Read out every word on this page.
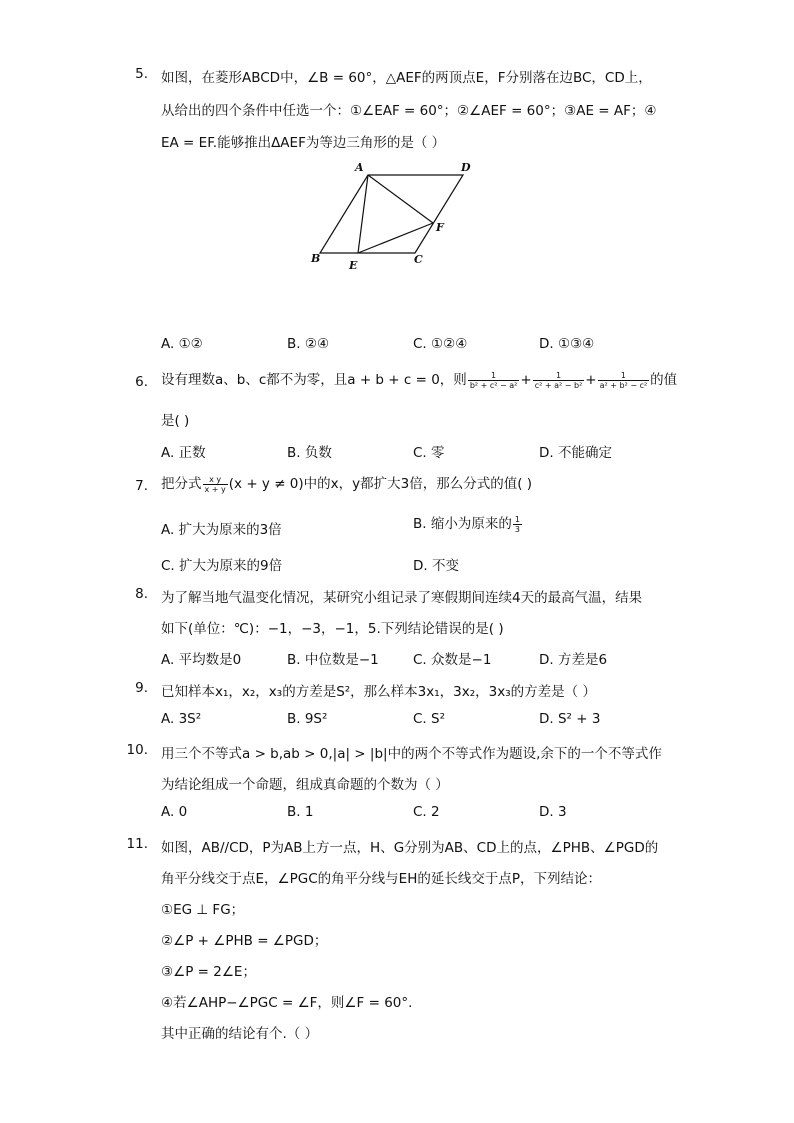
5. 如图，在菱形ABCD中，∠B = 60°，△AEF的两顶点E，F分别落在边BC，CD上，
从给出的四个条件中任选一个：①∠EAF = 60°；②∠AEF = 60°；③AE = AF；④
EA = EF.能够推出ΔAEF为等边三角形的是（ ）
A	D
B
E	C
F
A. ①②	B. ②④	C. ①②④	D. ①③④
6. 设有理数a、b、c都不为零，且a + b + c = 0，则 $\frac{1}{\text{b² + c² − a²}} + \frac{1}{\text{c² + a² − b²}} + \frac{1}{\text{a² + b² − c²}}$ 的值
是( )
A. 正数	B. 负数	C. 零	D. 不能确定
7. 把分式 $\frac{\text{x y}}{x + y} (x + y \ne 0)$中的x，y都扩大3倍，那么分式的值( )
A. 扩大为原来的3倍	B. 缩小为原来的 $\frac{1}{3}$
C. 扩大为原来的9倍	D. 不变
8. 为了解当地气温变化情况，某研究小组记录了寒假期间连续4天的最高气温，结果
如下(单位：℃)：−1，−3，−1，5.下列结论错误的是( )
A. 平均数是0	B. 中位数是−1	C. 众数是−1	D. 方差是6
9. 已知样本x₁，x₂，x₃的方差是S²，那么样本3x₁，3x₂，3x₃的方差是（ ）
A. 3S²	B. 9S²	C. S²	D. S² + 3
10. 用三个不等式a > b,ab > 0,|a| > |b|中的两个不等式作为题设,余下的一个不等式作
为结论组成一个命题，组成真命题的个数为（ ）
A. 0	B. 1	C. 2	D. 3
11. 如图，AB//CD，P为AB上方一点，H、G分别为AB、CD上的点，∠PHB、∠PGD的
角平分线交于点E，∠PGC的角平分线与EH的延长线交于点P，下列结论：
①EG ⊥ FG；
②∠P + ∠PHB = ∠PGD；
③∠P = 2∠E；
④若∠AHP−∠PGC = ∠F，则∠F = 60°.
其中正确的结论有个.（ ）
